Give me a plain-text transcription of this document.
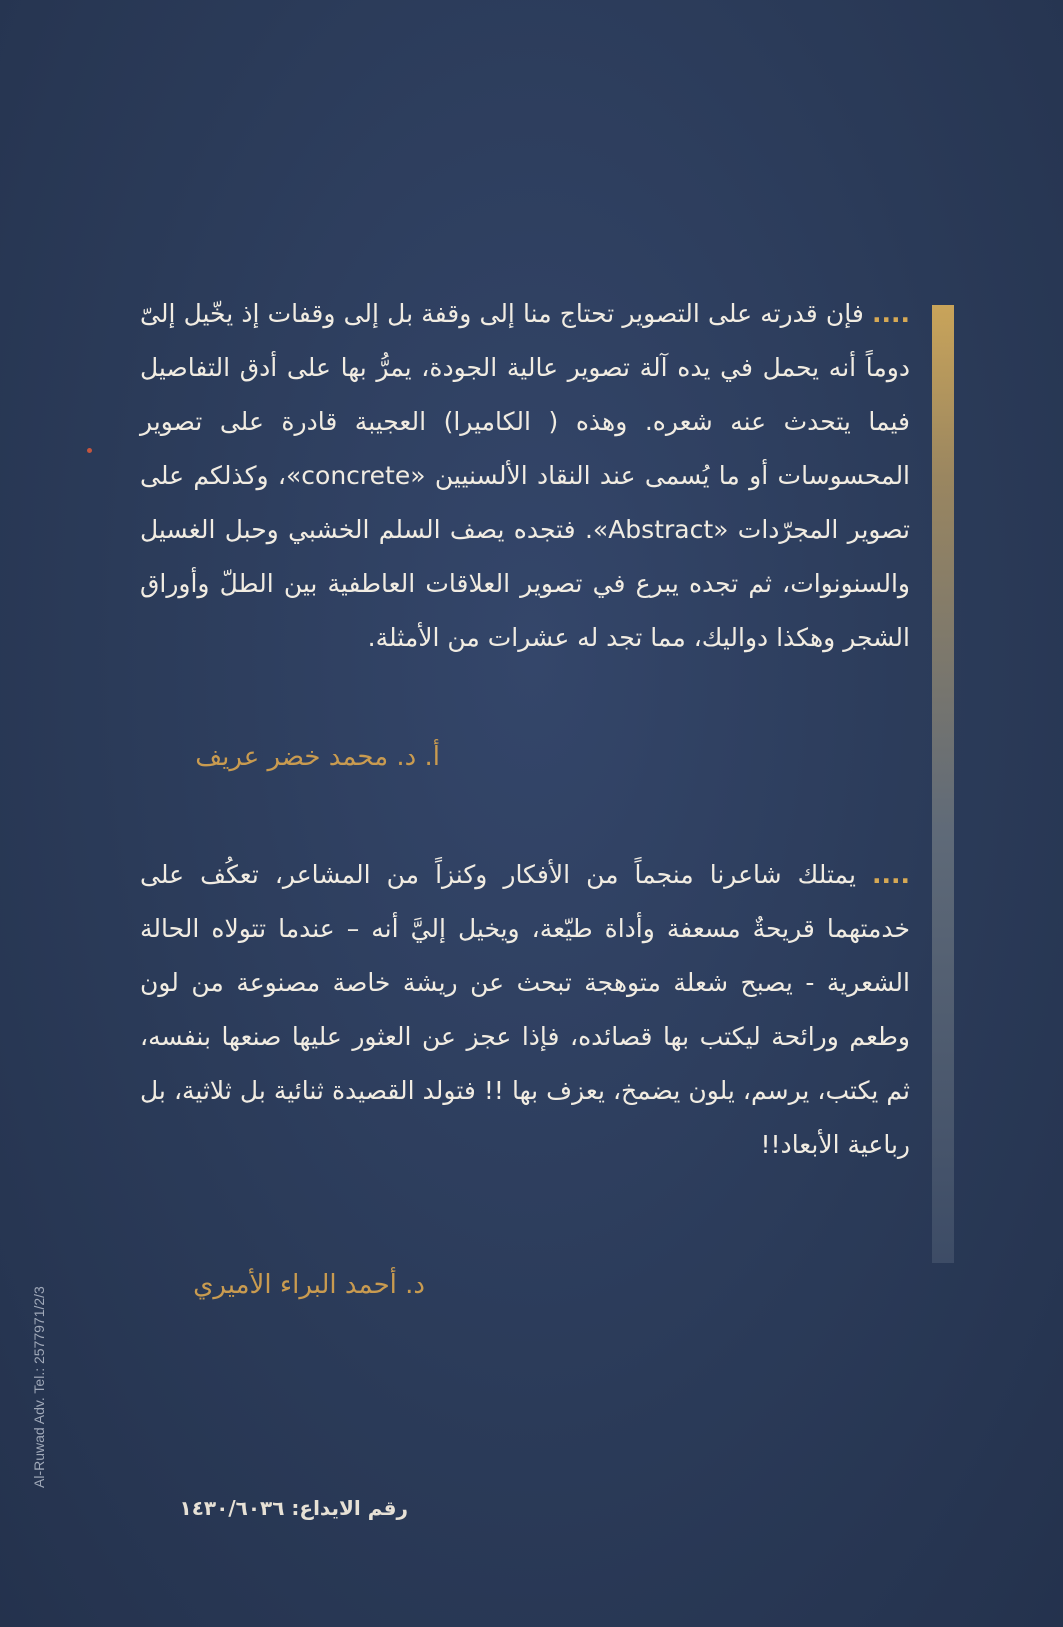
.... فإن قدرته على التصوير تحتاج منا إلى وقفة بل إلى وقفات إذ يخّيل إلىّ دوماً أنه يحمل في يده آلة تصوير عالية الجودة، يمرُّ بها على أدق التفاصيل فيما يتحدث عنه شعره. وهذه ( الكاميرا) العجيبة قادرة على تصوير المحسوسات أو ما يُسمى عند النقاد الألسنيين «concrete»، وكذلكم على تصوير المجرّدات «Abstract». فتجده يصف السلم الخشبي وحبل الغسيل والسنونوات، ثم تجده يبرع في تصوير العلاقات العاطفية بين الطلّ وأوراق الشجر وهكذا دواليك، مما تجد له عشرات من الأمثلة.
أ. د. محمد خضر عريف
.... يمتلك شاعرنا منجماً من الأفكار وكنزاً من المشاعر، تعكُف على خدمتهما قريحةٌ مسعفة وأداة طيّعة، ويخيل إليَّ أنه – عندما تتولاه الحالة الشعرية - يصبح شعلة متوهجة تبحث عن ريشة خاصة مصنوعة من لون وطعم ورائحة ليكتب بها قصائده، فإذا عجز عن العثور عليها صنعها بنفسه، ثم يكتب، يرسم، يلون يضمخ، يعزف بها !! فتولد القصيدة ثنائية بل ثلاثية، بل رباعية الأبعاد!!
د. أحمد البراء الأميري
Al-Ruwad Adv. Tel.: 2577971/2/3
رقم الايداع: ١٤٣٠/٦٠٣٦
